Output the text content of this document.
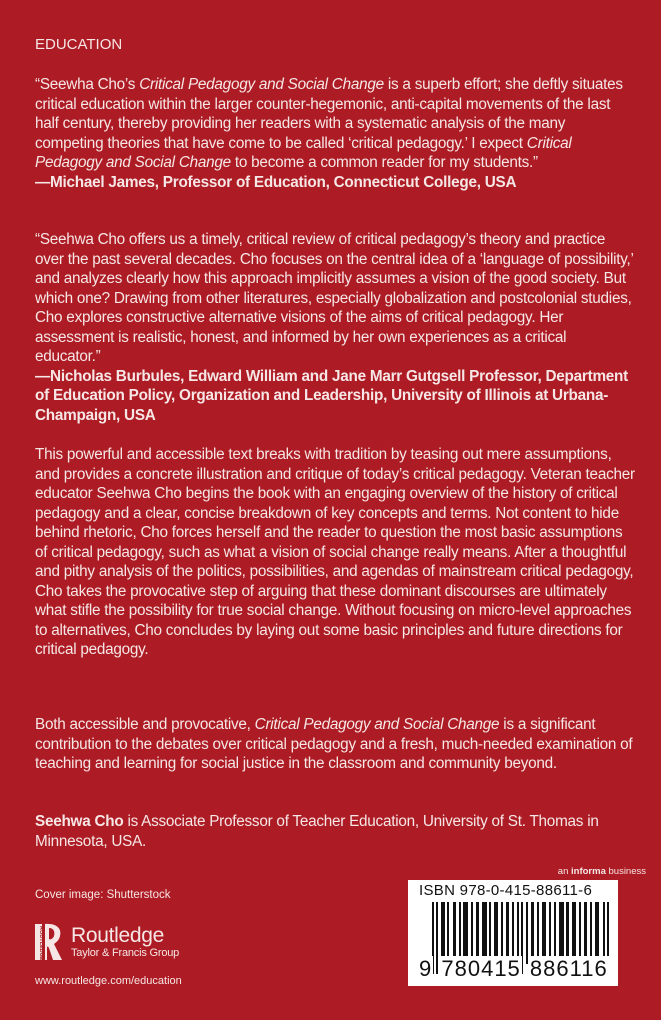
EDUCATION
“Seewha Cho’s Critical Pedagogy and Social Change is a superb effort; she deftly situates critical education within the larger counter-hegemonic, anti-capital movements of the last half century, thereby providing her readers with a systematic analysis of the many competing theories that have come to be called ‘critical pedagogy.’ I expect Critical Pedagogy and Social Change to become a common reader for my students.”
—Michael James, Professor of Education, Connecticut College, USA
“Seehwa Cho offers us a timely, critical review of critical pedagogy’s theory and practice over the past several decades. Cho focuses on the central idea of a ‘language of possibility,’ and analyzes clearly how this approach implicitly assumes a vision of the good society. But which one? Drawing from other literatures, especially globalization and postcolonial studies, Cho explores constructive alternative visions of the aims of critical pedagogy. Her assessment is realistic, honest, and informed by her own experiences as a critical educator.”
—Nicholas Burbules, Edward William and Jane Marr Gutgsell Professor, Department of Education Policy, Organization and Leadership, University of Illinois at Urbana-Champaign, USA
This powerful and accessible text breaks with tradition by teasing out mere assumptions, and provides a concrete illustration and critique of today’s critical pedagogy. Veteran teacher educator Seehwa Cho begins the book with an engaging overview of the history of critical pedagogy and a clear, concise breakdown of key concepts and terms. Not content to hide behind rhetoric, Cho forces herself and the reader to question the most basic assumptions of critical pedagogy, such as what a vision of social change really means. After a thoughtful and pithy analysis of the politics, possibilities, and agendas of mainstream critical pedagogy, Cho takes the provocative step of arguing that these dominant discourses are ultimately what stifle the possibility for true social change. Without focusing on micro-level approaches to alternatives, Cho concludes by laying out some basic principles and future directions for critical pedagogy.
Both accessible and provocative, Critical Pedagogy and Social Change is a significant contribution to the debates over critical pedagogy and a fresh, much-needed examination of teaching and learning for social justice in the classroom and community beyond.
Seehwa Cho is Associate Professor of Teacher Education, University of St. Thomas in Minnesota, USA.
Cover image: Shutterstock
ROUTLEDGE Routledge
Taylor & Francis Group
www.routledge.com/education
an informa business
ISBN 978-0-415-88611-6
9 780415 886116
